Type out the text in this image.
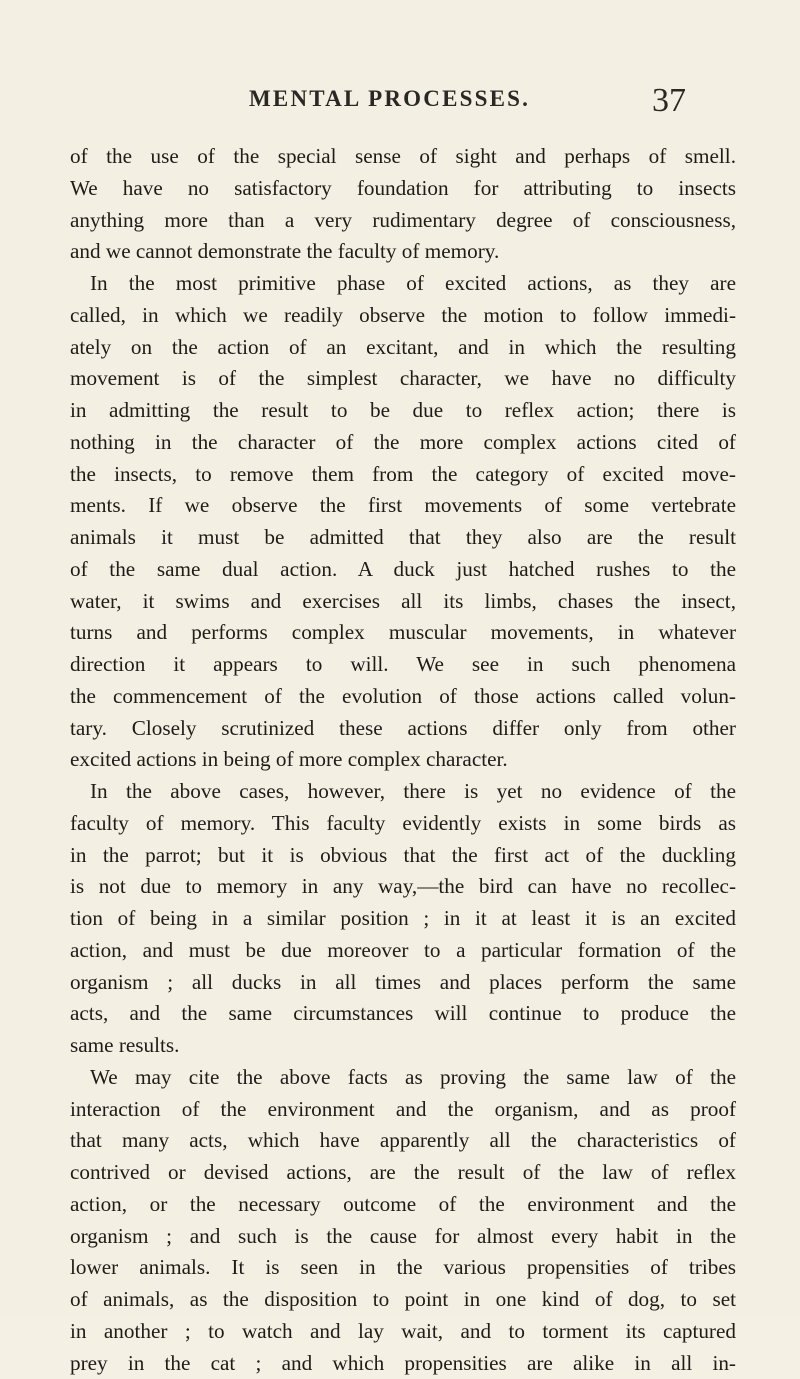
MENTAL PROCESSES.	37
of the use of the special sense of sight and perhaps of smell.
We have no satisfactory foundation for attributing to insects
anything more than a very rudimentary degree of consciousness,
and we cannot demonstrate the faculty of memory.
In the most primitive phase of excited actions, as they are
called, in which we readily observe the motion to follow immedi-
ately on the action of an excitant, and in which the resulting
movement is of the simplest character, we have no difficulty
in admitting the result to be due to reflex action; there is
nothing in the character of the more complex actions cited of
the insects, to remove them from the category of excited move-
ments. If we observe the first movements of some vertebrate
animals it must be admitted that they also are the result
of the same dual action. A duck just hatched rushes to the
water, it swims and exercises all its limbs, chases the insect,
turns and performs complex muscular movements, in whatever
direction it appears to will. We see in such phenomena
the commencement of the evolution of those actions called volun-
tary. Closely scrutinized these actions differ only from other
excited actions in being of more complex character.
In the above cases, however, there is yet no evidence of the
faculty of memory. This faculty evidently exists in some birds as
in the parrot; but it is obvious that the first act of the duckling
is not due to memory in any way,—the bird can have no recollec-
tion of being in a similar position ; in it at least it is an excited
action, and must be due moreover to a particular formation of the
organism ; all ducks in all times and places perform the same
acts, and the same circumstances will continue to produce the
same results.
We may cite the above facts as proving the same law of the
interaction of the environment and the organism, and as proof
that many acts, which have apparently all the characteristics of
contrived or devised actions, are the result of the law of reflex
action, or the necessary outcome of the environment and the
organism ; and such is the cause for almost every habit in the
lower animals. It is seen in the various propensities of tribes
of animals, as the disposition to point in one kind of dog, to set
in another ; to watch and lay wait, and to torment its captured
prey in the cat ; and which propensities are alike in all in-
